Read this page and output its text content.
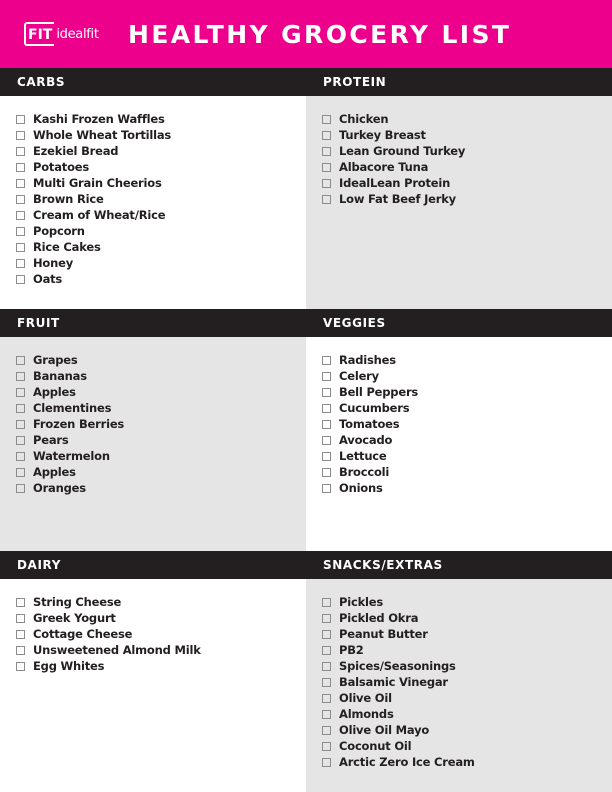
FIT idealfit HEALTHY GROCERY LIST
CARBS
Kashi Frozen Waffles
Whole Wheat Tortillas
Ezekiel Bread
Potatoes
Multi Grain Cheerios
Brown Rice
Cream of Wheat/Rice
Popcorn
Rice Cakes
Honey
Oats
PROTEIN
Chicken
Turkey Breast
Lean Ground Turkey
Albacore Tuna
IdealLean Protein
Low Fat Beef Jerky
FRUIT
Grapes
Bananas
Apples
Clementines
Frozen Berries
Pears
Watermelon
Apples
Oranges
VEGGIES
Radishes
Celery
Bell Peppers
Cucumbers
Tomatoes
Avocado
Lettuce
Broccoli
Onions
DAIRY
String Cheese
Greek Yogurt
Cottage Cheese
Unsweetened Almond Milk
Egg Whites
SNACKS/EXTRAS
Pickles
Pickled Okra
Peanut Butter
PB2
Spices/Seasonings
Balsamic Vinegar
Olive Oil
Almonds
Olive Oil Mayo
Coconut Oil
Arctic Zero Ice Cream
